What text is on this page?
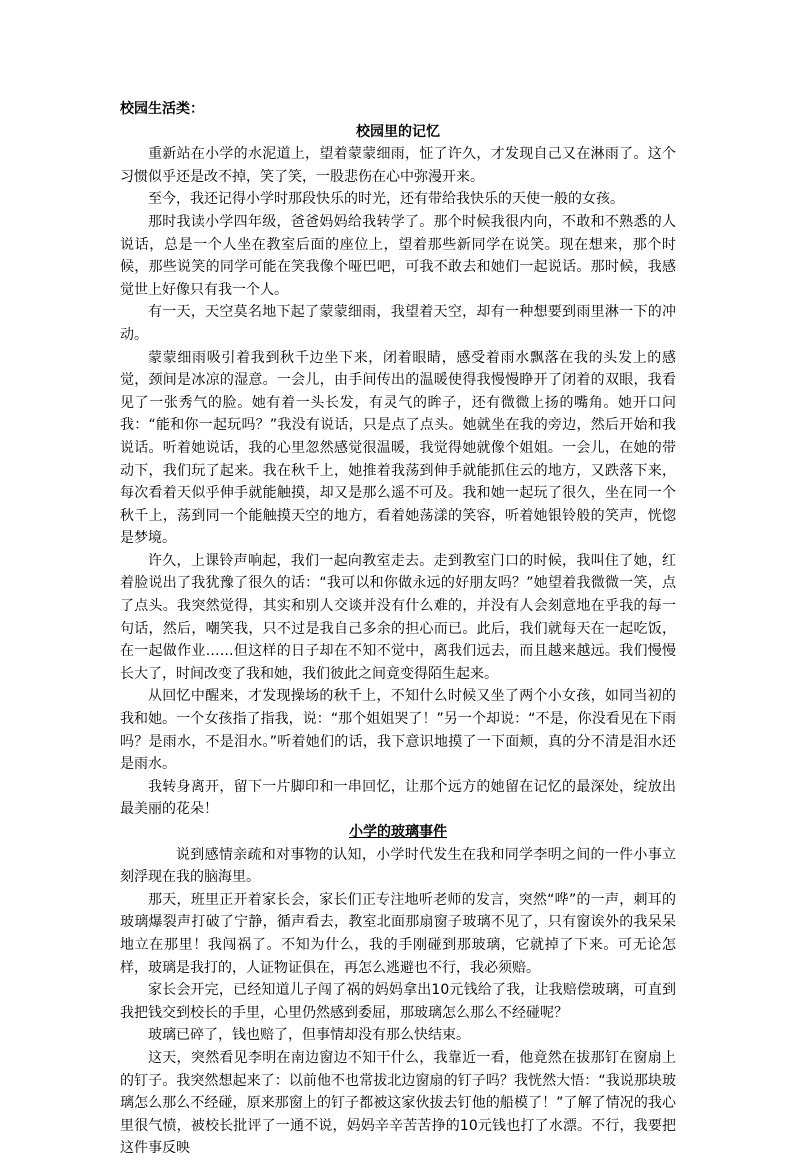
校园生活类：

校园里的记忆

重新站在小学的水泥道上，望着蒙蒙细雨，怔了许久，才发现自己又在淋雨了。这个习惯似乎还是改不掉，笑了笑，一股悲伤在心中弥漫开来。

至今，我还记得小学时那段快乐的时光，还有带给我快乐的天使一般的女孩。

那时我读小学四年级，爸爸妈妈给我转学了。那个时候我很内向，不敢和不熟悉的人说话，总是一个人坐在教室后面的座位上，望着那些新同学在说笑。现在想来，那个时候，那些说笑的同学可能在笑我像个哑巴吧，可我不敢去和她们一起说话。那时候，我感觉世上好像只有我一个人。

有一天，天空莫名地下起了蒙蒙细雨，我望着天空，却有一种想要到雨里淋一下的冲动。

蒙蒙细雨吸引着我到秋千边坐下来，闭着眼睛，感受着雨水飘落在我的头发上的感觉，颈间是冰凉的湿意。一会儿，由手间传出的温暖使得我慢慢睁开了闭着的双眼，我看见了一张秀气的脸。她有着一头长发，有灵气的眸子，还有微微上扬的嘴角。她开口问我：“能和你一起玩吗？”我没有说话，只是点了点头。她就坐在我的旁边，然后开始和我说话。听着她说话，我的心里忽然感觉很温暖，我觉得她就像个姐姐。一会儿，在她的带动下，我们玩了起来。我在秋千上，她推着我荡到伸手就能抓住云的地方，又跌落下来，每次看着天似乎伸手就能触摸，却又是那么遥不可及。我和她一起玩了很久，坐在同一个秋千上，荡到同一个能触摸天空的地方，看着她荡漾的笑容，听着她银铃般的笑声，恍惚是梦境。

许久，上课铃声响起，我们一起向教室走去。走到教室门口的时候，我叫住了她，红着脸说出了我犹豫了很久的话：“我可以和你做永远的好朋友吗？”她望着我微微一笑，点了点头。我突然觉得，其实和别人交谈并没有什么难的，并没有人会刻意地在乎我的每一句话，然后，嘲笑我，只不过是我自己多余的担心而已。此后，我们就每天在一起吃饭，在一起做作业……但这样的日子却在不知不觉中，离我们远去，而且越来越远。我们慢慢长大了，时间改变了我和她，我们彼此之间竟变得陌生起来。

从回忆中醒来，才发现操场的秋千上，不知什么时候又坐了两个小女孩，如同当初的我和她。一个女孩指了指我，说：“那个姐姐哭了！”另一个却说：“不是，你没看见在下雨吗？是雨水，不是泪水。”听着她们的话，我下意识地摸了一下面颊，真的分不清是泪水还是雨水。

我转身离开，留下一片脚印和一串回忆，让那个远方的她留在记忆的最深处，绽放出最美丽的花朵！

小学的玻璃事件

说到感情亲疏和对事物的认知，小学时代发生在我和同学李明之间的一件小事立刻浮现在我的脑海里。

那天，班里正开着家长会，家长们正专注地听老师的发言，突然“哗”的一声，刺耳的玻璃爆裂声打破了宁静，循声看去，教室北面那扇窗子玻璃不见了，只有窗诶外的我呆呆地立在那里！我闯祸了。不知为什么，我的手刚碰到那玻璃，它就掉了下来。可无论怎样，玻璃是我打的，人证物证俱在，再怎么逃避也不行，我必须赔。

家长会开完，已经知道儿子闯了祸的妈妈拿出10元钱给了我，让我赔偿玻璃，可直到我把钱交到校长的手里，心里仍然感到委屈，那玻璃怎么那么不经碰呢？

玻璃已碎了，钱也赔了，但事情却没有那么快结束。

这天，突然看见李明在南边窗边不知干什么，我靠近一看，他竟然在拔那钉在窗扇上的钉子。我突然想起来了：以前他不也常拔北边窗扇的钉子吗？我恍然大悟：“我说那块玻璃怎么那么不经碰，原来那窗上的钉子都被这家伙拔去钉他的船模了！”了解了情况的我心里很气愤，被校长批评了一通不说，妈妈辛辛苦苦挣的10元钱也打了水漂。不行，我要把这件事反映
